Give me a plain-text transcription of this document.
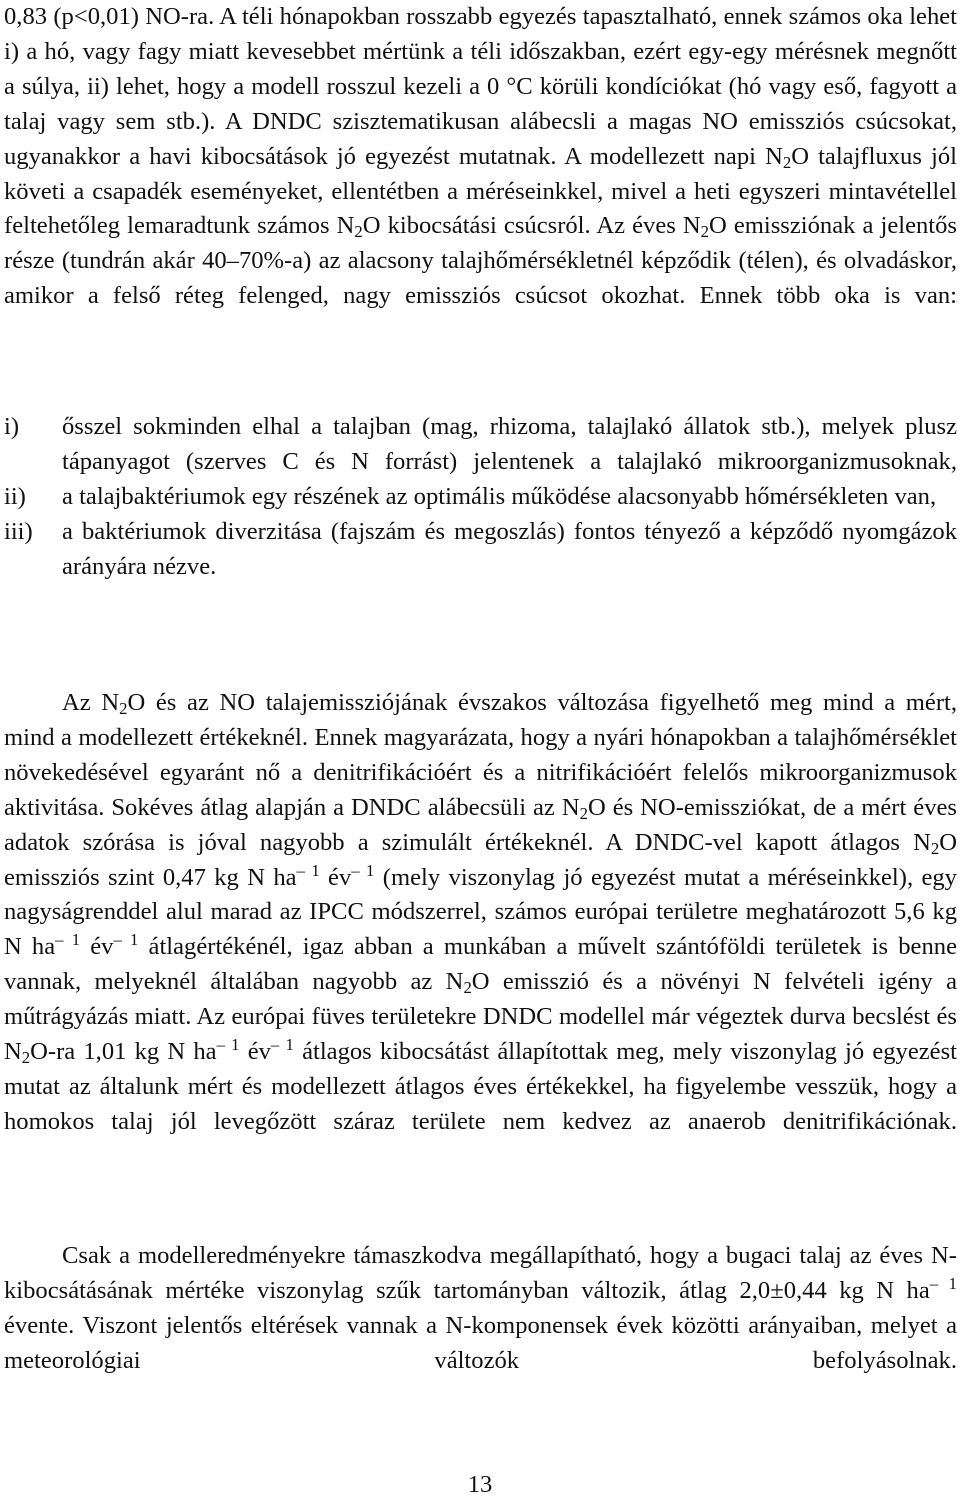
0,83 (p<0,01) NO-ra. A téli hónapokban rosszabb egyezés tapasztalható, ennek számos oka lehet i) a hó, vagy fagy miatt kevesebbet mértünk a téli időszakban, ezért egy-egy mérésnek megnőtt a súlya, ii) lehet, hogy a modell rosszul kezeli a 0 °C körüli kondíciókat (hó vagy eső, fagyott a talaj vagy sem stb.). A DNDC szisztematikusan alábecsli a magas NO emissziós csúcsokat, ugyanakkor a havi kibocsátások jó egyezést mutatnak. A modellezett napi $N_2O$ talajfluxus jól követi a csapadék eseményeket, ellentétben a méréseinkkel, mivel a heti egyszeri mintavétellel feltehetőleg lemaradtunk számos $N_2O$ kibocsátási csúcsról. Az éves $N_2O$ emissziónak a jelentős része (tundrán akár 40–70%-a) az alacsony talajhőmérsékletnél képződik (télen), és olvadáskor, amikor a felső réteg felenged, nagy emissziós csúcsot okozhat. Ennek több oka is van:

i)	ősszel sokminden elhal a talajban (mag, rhizoma, talajlakó állatok stb.), melyek plusz tápanyagot (szerves C és N forrást) jelentenek a talajlakó mikroorganizmusoknak,
ii)	a talajbaktériumok egy részének az optimális működése alacsonyabb hőmérsékleten van,
iii)	a baktériumok diverzitása (fajszám és megoszlás) fontos tényező a képződő nyomgázok arányára nézve.

Az $N_2O$ és az NO talajemissziójának évszakos változása figyelhető meg mind a mért, mind a modellezett értékeknél. Ennek magyarázata, hogy a nyári hónapokban a talajhőmérséklet növekedésével egyaránt nő a denitrifikációért és a nitrifikációért felelős mikroorganizmusok aktivitása. Sokéves átlag alapján a DNDC alábecsüli az $N_2O$ és NO-emissziókat, de a mért éves adatok szórása is jóval nagyobb a szimulált értékeknél. A DNDC-vel kapott átlagos $N_2O$ emissziós szint 0,47 kg N $ha^{- 1}$ $év^{- 1}$ (mely viszonylag jó egyezést mutat a méréseinkkel), egy nagyságrenddel alul marad az IPCC módszerrel, számos európai területre meghatározott 5,6 kg N $ha^{- 1}$ $év^{- 1}$ átlagértékénél, igaz abban a munkában a művelt szántóföldi területek is benne vannak, melyeknél általában nagyobb az $N_2O$ emisszió és a növényi N felvételi igény a műtrágyázás miatt. Az európai füves területekre DNDC modellel már végeztek durva becslést és $N_2O-ra$ 1,01 kg N $ha^{- 1}$ $év^{- 1}$ átlagos kibocsátást állapítottak meg, mely viszonylag jó egyezést mutat az általunk mért és modellezett átlagos éves értékekkel, ha figyelembe vesszük, hogy a homokos talaj jól levegőzött száraz területe nem kedvez az anaerob denitrifikációnak.

Csak a modelleredményekre támaszkodva megállapítható, hogy a bugaci talaj az éves N-kibocsátásának mértéke viszonylag szűk tartományban változik, átlag 2,0±0,44 kg N $ha^{- 1}$ évente. Viszont jelentős eltérések vannak a N-komponensek évek közötti arányaiban, melyet a meteorológiai változók befolyásolnak.

13
